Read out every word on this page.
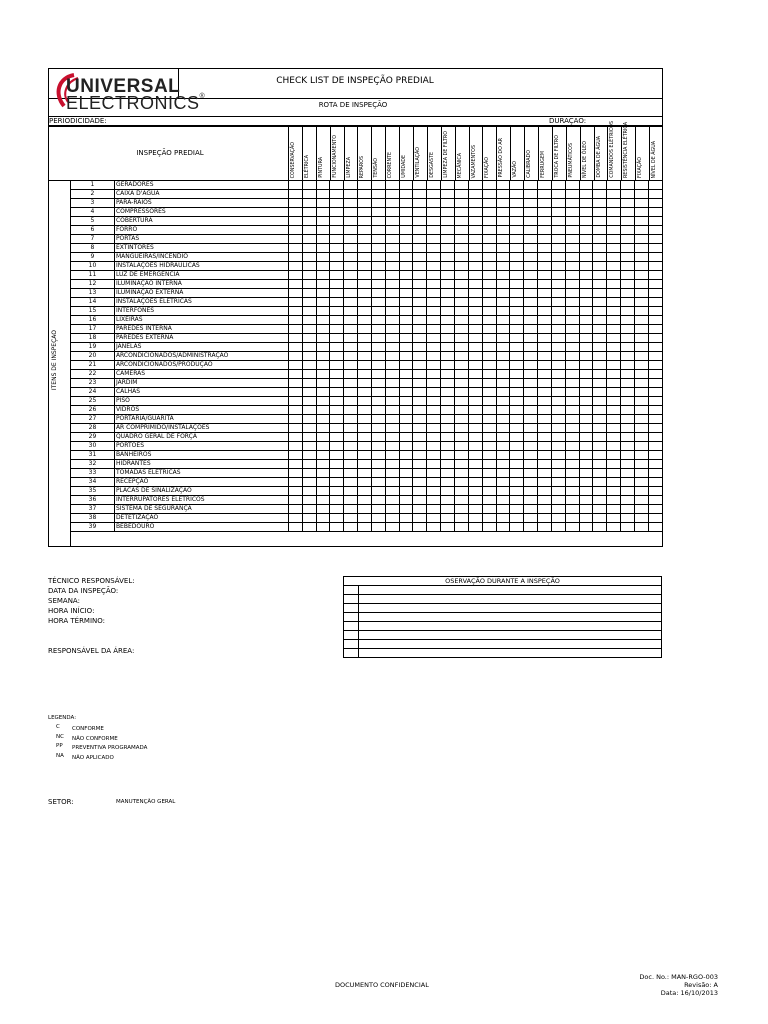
UNIVERSAL
ELECTRONICS®
CHECK LIST DE INSPEÇÃO PREDIAL
ROTA DE INSPEÇÃO
PERIODICIDADE:	DURAÇÃO:
INSPEÇÃO PREDIAL
ITENS DE INSPEÇÃO
1	GERADORES																											
2	CAIXA D'ÁGUA																											
3	PARA-RAIOS																											
4	COMPRESSORES																											
5	COBERTURA																											
6	FORRO																											
7	PORTAS																											
8	EXTINTORES																											
9	MANGUEIRAS/INCÊNDIO																											
10	INSTALAÇÕES HIDRÁULICAS																											
11	LUZ DE EMERGÊNCIA																											
12	ILUMINAÇÃO INTERNA																											
13	ILUMINAÇÃO EXTERNA																											
14	INSTALAÇÕES ELÉTRICAS																											
15	INTERFONES																											
16	LIXEIRAS																											
17	PAREDES INTERNA																											
18	PAREDES EXTERNA																											
19	JANELAS																											
20	ARCONDICIONADOS/ADMINISTRAÇÃO																											
21	ARCONDICIONADOS/PRODUÇÃO																											
22	CÂMERAS																											
23	JARDIM																											
24	CALHAS																											
25	PISO																											
26	VIDROS																											
27	PORTARIA/GUARITA																											
28	AR COMPRIMIDO/INSTALAÇÕES																											
29	QUADRO GERAL DE FORÇA																											
30	PORTÕES																											
31	BANHEIROS																											
32	HIDRANTES																											
33	TOMADAS ELÉTRICAS																											
34	RECEPÇÃO																											
35	PLACAS DE SINALIZAÇÃO																											
36	INTERRUPATORES ELÉTRICOS																											
37	SISTEMA DE SEGURANÇA																											
38	DETETIZAÇÃO																											
39	BEBEDOURO																											
CONSERVAÇÃO	ELÉTRICA	PINTURA	FUNCIONAMENTO	LIMPEZA	REPAROS	TENSÃO	CORRENTE	UMIDADE	VENTILAÇÃO	DESGASTE	LIMPEZA DE FILTRO	MECÂNICA	VAZAMENTOS	FIXAÇÃO	PRESSÃO DO AR	VAZÃO	CALIBRADO	FERRUGEM	TROCA DE FILTRO	PNEUMÁTICOS	NÍVEL DE ÓLEO	DOMBA DE ÁGUA	COMANDOS ELÉTRICOS	RESISTÊNCIA ELÉTRICA	FIXAÇÃO	NÍVEL DE ÁGUA
TÉCNICO RESPONSÁVEL:
DATA DA INSPEÇÃO:
SEMANA:
HORA INÍCIO:
HORA TÉRMINO:
RESPONSÁVEL DA ÁREA:
OSERVAÇÃO DURANTE A INSPEÇÃO	

LEGENDA:
C CONFORME
NC NÃO CONFORME
PP PREVENTIVA PROGRAMADA
NA NÃO APLICADO
SETOR:	MANUTENÇÃO GERAL
DOCUMENTO CONFIDENCIAL
Doc. No.: MAN-RGO-003
Revisão: A
Data: 16/10/2013
